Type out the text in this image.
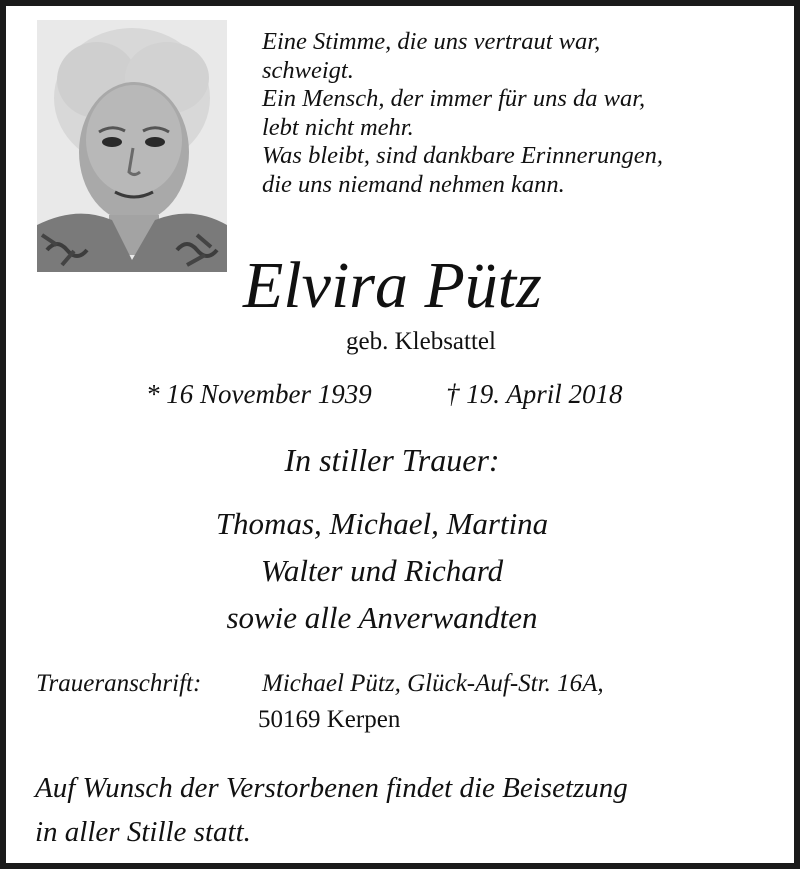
Eine Stimme, die uns vertraut war,
schweigt.
Ein Mensch, der immer für uns da war,
lebt nicht mehr.
Was bleibt, sind dankbare Erinnerungen,
die uns niemand nehmen kann.
Elvira Pütz
geb. Klebsattel
* 16 November 1939	† 19. April 2018
In stiller Trauer:
Thomas, Michael, Martina
Walter und Richard
sowie alle Anverwandten
Traueranschrift: Michael Pütz, Glück-Auf-Str. 16A,
50169 Kerpen
Auf Wunsch der Verstorbenen findet die Beisetzung
in aller Stille statt.
